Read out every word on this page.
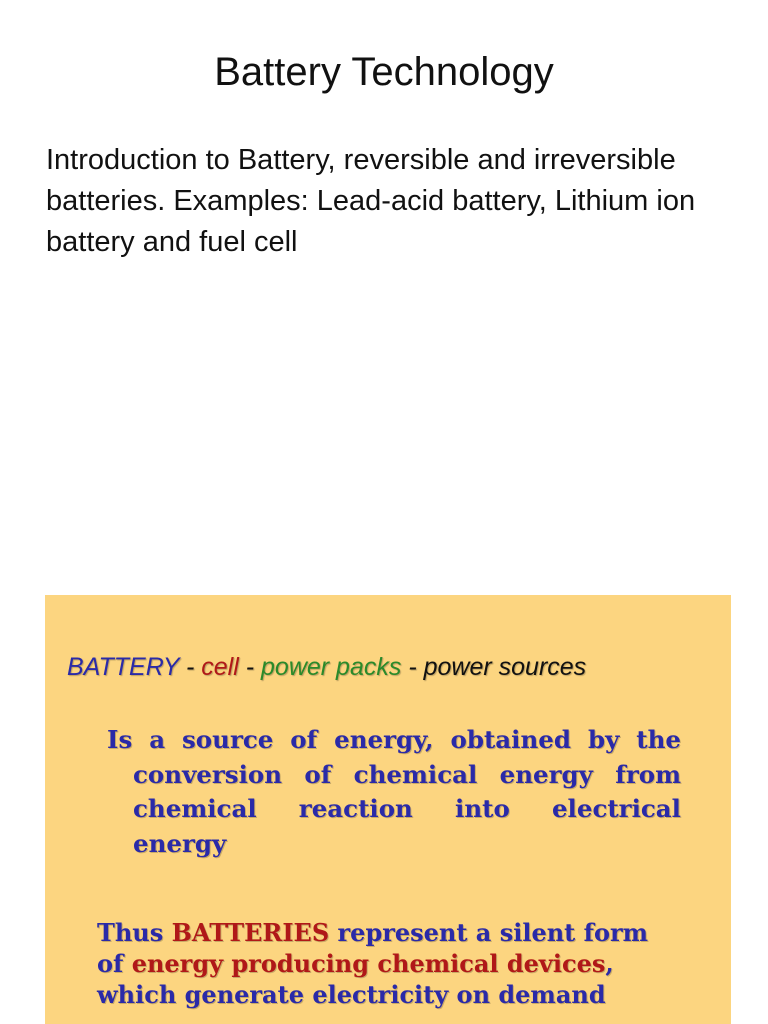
Battery Technology
Introduction to Battery, reversible and irreversible batteries. Examples: Lead-acid battery, Lithium ion battery and fuel cell
BATTERY - cell - power packs - power sources
Is a source of energy, obtained by the conversion of chemical energy from chemical reaction into electrical energy
Thus BATTERIES represent a silent form of energy producing chemical devices, which generate electricity on demand
